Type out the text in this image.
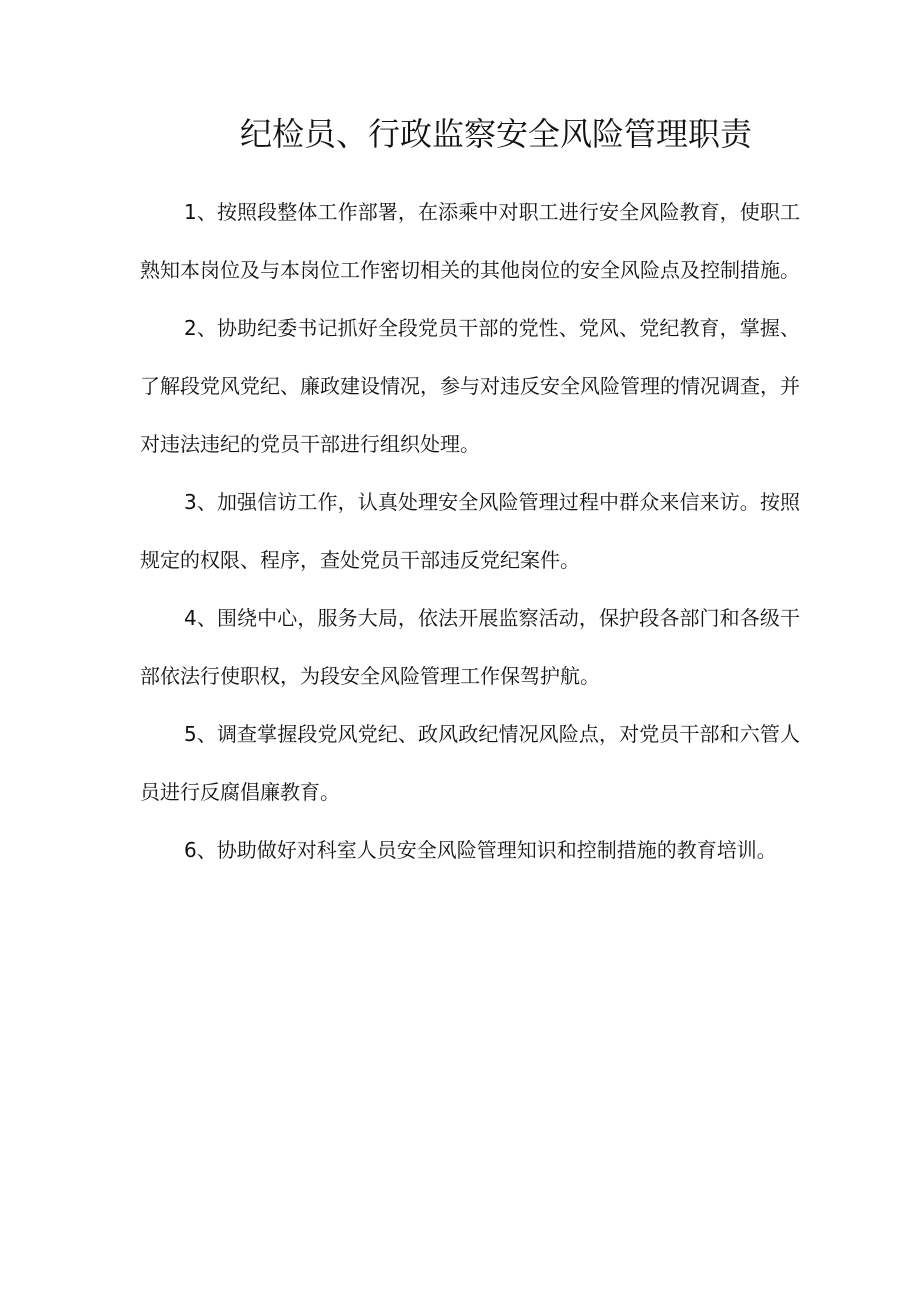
纪检员、行政监察安全风险管理职责

1、按照段整体工作部署，在添乘中对职工进行安全风险教育，使职工熟知本岗位及与本岗位工作密切相关的其他岗位的安全风险点及控制措施。

2、协助纪委书记抓好全段党员干部的党性、党风、党纪教育，掌握、了解段党风党纪、廉政建设情况，参与对违反安全风险管理的情况调查，并对违法违纪的党员干部进行组织处理。

3、加强信访工作，认真处理安全风险管理过程中群众来信来访。按照规定的权限、程序，查处党员干部违反党纪案件。

4、围绕中心，服务大局，依法开展监察活动，保护段各部门和各级干部依法行使职权，为段安全风险管理工作保驾护航。

5、调查掌握段党风党纪、政风政纪情况风险点，对党员干部和六管人员进行反腐倡廉教育。

6、协助做好对科室人员安全风险管理知识和控制措施的教育培训。
